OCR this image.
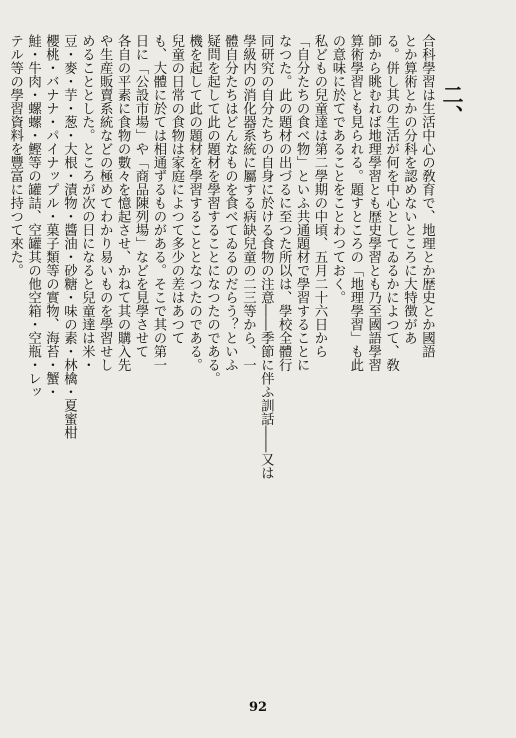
二、
合科學習は生活中心の敎育で、地理とか歴史とか國語
とか算術とかの分科を認めないところに大特徴があ
る。併し其の生活が何を中心としてゐるかによつて、敎
師から眺むれば地理學習とも歴史學習とも乃至國語學習
算術學習とも見られる。題すところの「地理學習」も此
の意味に於てであることをことわつておく。
私どもの兒童達は第二學期の中頃、五月二十六日から
「自分たちの食べ物」といふ共通題材で學習することに
なつた。此の題材の出づるに至つた所以は、學校全體行
同研究の自分たちの自身に於ける食物の注意――季節に伴ふ訓話――又は
學級内の消化器系統に屬する病缺兒童の二三等から、一
體自分たちはどんなものを食べてゐるのだらう？といふ
疑問を起して此の題材を學習することになつたのである。
機を起して此の題材を學習することとなつたのである。
兒童の日常の食物は家庭によつて多少の差はあつて
も、大體に於ては相通ずるものがある。そこで其の第一
日に「公設市場」や「商品陳列場」などを見學させて
各自の平素に食物の數々を憶起させ、かねて其の購入先
や生産販賣系統などの極めてわかり易いものを學習せし
めることとした。ところが次の日になると兒童達は米・
豆・麥・芋・葱・大根・漬物・醬油・砂糖・味の素・林檎・夏蜜柑
櫻桃・バナナ・パイナップル・菓子類等の實物、海苔・蟹・
鮭・牛肉・螺螺・鰹等の罐詰、空罐其の他空箱・空瓶・レッ
テル等の學習資料を豐富に持つて來た。
92
